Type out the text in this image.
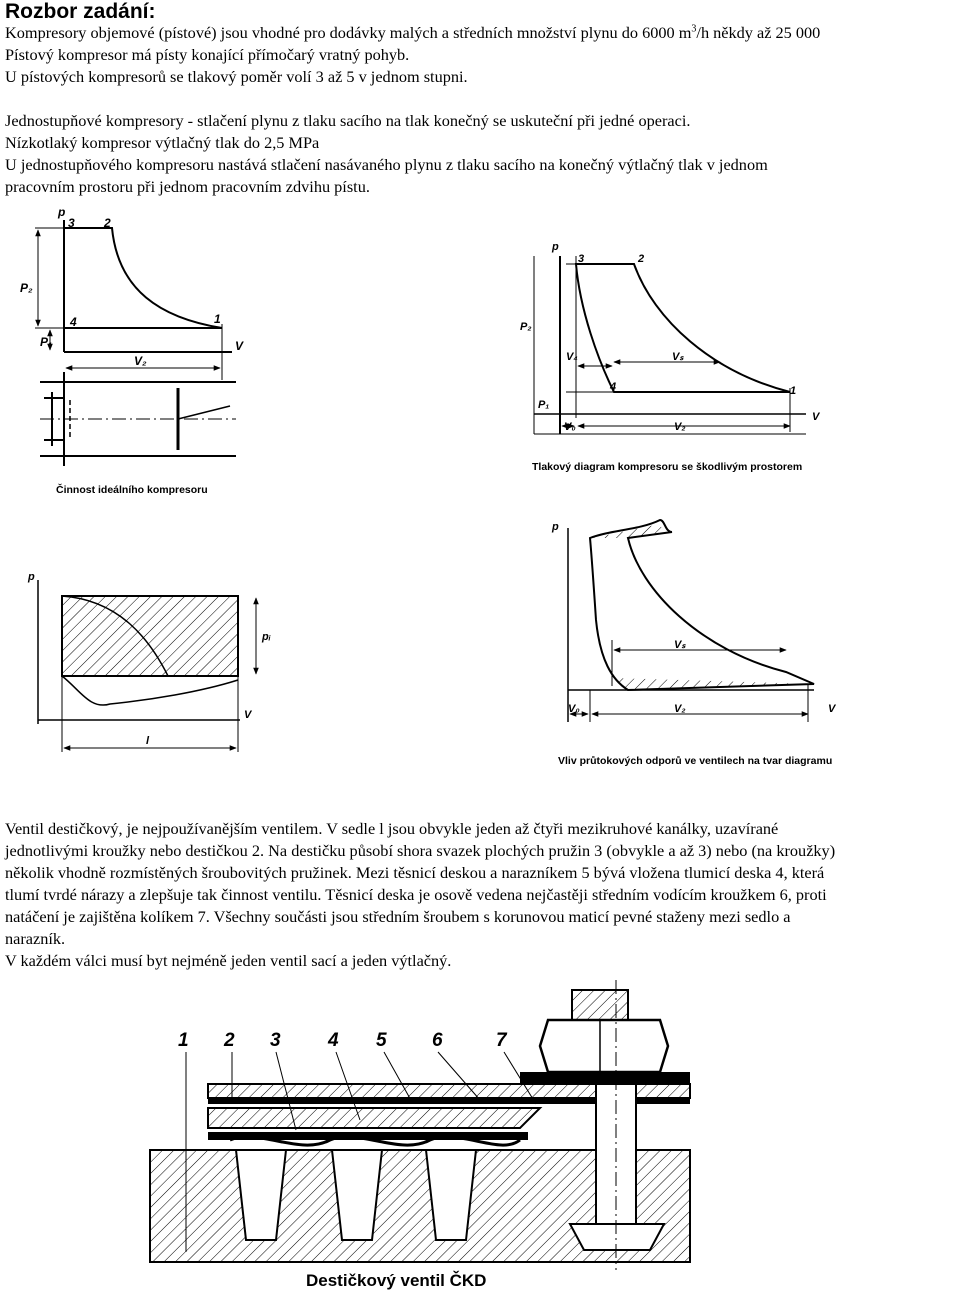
Rozbor zadání:
Kompresory objemové (pístové) jsou vhodné pro dodávky malých a středních množství plynu do 6000 $m^3/h$ někdy až 25 000
Pístový kompresor má písty konající přímočarý vratný pohyb.
U pístových kompresorů se tlakový poměr volí 3 až 5 v jednom stupni.
Jednostupňové kompresory - stlačení plynu z tlaku sacího na tlak konečný se uskuteční při jedné operaci.
Nízkotlaký kompresor výtlačný tlak do 2,5 MPa
U jednostupňového kompresoru nastává stlačení nasávaného plynu z tlaku sacího na konečný výtlačný tlak v jednom
pracovním prostoru při jednom pracovním zdvihu pístu.
p
3 2
P₂
4	1
P₁	V
V₂
Činnost ideálního kompresoru
p
3	2
P₂
4	1
P₁
V
V₄	Vₛ
V₀	V₂
Tlakový diagram kompresoru se škodlivým prostorem
p
pᵢ
V
l
p
V
Vₛ
V₀	V₂
Vliv průtokových odporů ve ventilech na tvar diagramu
Ventil destičkový, je nejpoužívanějším ventilem. V sedle l jsou obvykle jeden až čtyři mezikruhové kanálky, uzavírané
jednotlivými kroužky nebo destičkou 2. Na destičku působí shora svazek plochých pružin 3 (obvykle a až 3) nebo (na kroužky)
několik vhodně rozmístěných šroubovitých pružinek. Mezi těsnicí deskou a narazníkem 5 bývá vložena tlumicí deska 4, která
tlumí tvrdé nárazy a zlepšuje tak činnost ventilu. Těsnicí deska je osově vedena nejčastěji středním vodícím kroužkem 6, proti
natáčení je zajištěna kolíkem 7. Všechny součásti jsou středním šroubem s korunovou maticí pevné staženy mezi sedlo a
narazník.
V každém válci musí byt nejméně jeden ventil sací a jeden výtlačný.
1 2 3 4 5 6	7
Destičkový ventil ČKD
